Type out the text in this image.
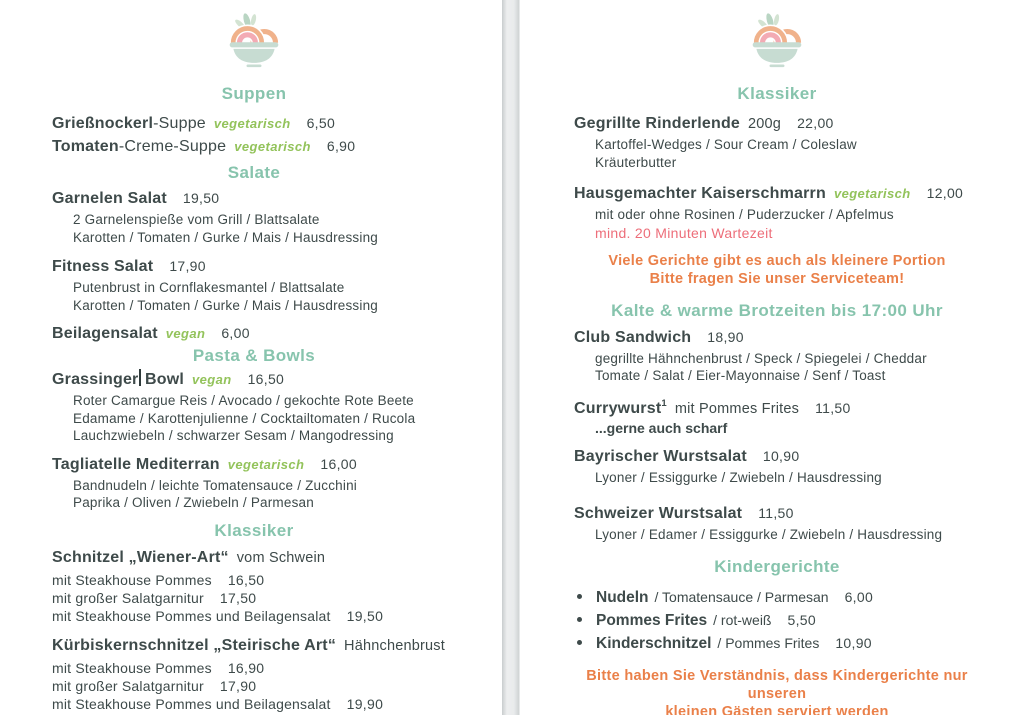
Suppen
Grießnockerl-Suppe vegetarisch 6,50
Tomaten-Creme-Suppe vegetarisch 6,90
Salate
Garnelen Salat 19,50
2 Garnelenspieße vom Grill / Blattsalate
Karotten / Tomaten / Gurke / Mais / Hausdressing
Fitness Salat 17,90
Putenbrust in Cornflakesmantel / Blattsalate
Karotten / Tomaten / Gurke / Mais / Hausdressing
Beilagensalat vegan 6,00
Pasta & Bowls
Grassinger Bowl vegan 16,50
Roter Camargue Reis / Avocado / gekochte Rote Beete
Edamame / Karottenjulienne / Cocktailtomaten / Rucola
Lauchzwiebeln / schwarzer Sesam / Mangodressing
Tagliatelle Mediterran vegetarisch 16,00
Bandnudeln / leichte Tomatensauce / Zucchini
Paprika / Oliven / Zwiebeln / Parmesan
Klassiker
Schnitzel „Wiener-Art“ vom Schwein
mit Steakhouse Pommes 16,50
mit großer Salatgarnitur 17,50
mit Steakhouse Pommes und Beilagensalat 19,50
Kürbiskernschnitzel „Steirische Art“ Hähnchenbrust
mit Steakhouse Pommes 16,90
mit großer Salatgarnitur 17,90
mit Steakhouse Pommes und Beilagensalat 19,90
Klassiker
Gegrillte Rinderlende 200g 22,00
Kartoffel-Wedges / Sour Cream / Coleslaw
Kräuterbutter
Hausgemachter Kaiserschmarrn vegetarisch 12,00
mit oder ohne Rosinen / Puderzucker / Apfelmus
mind. 20 Minuten Wartezeit
Viele Gerichte gibt es auch als kleinere Portion
Bitte fragen Sie unser Serviceteam!
Kalte & warme Brotzeiten bis 17:00 Uhr
Club Sandwich 18,90
gegrillte Hähnchenbrust / Speck / Spiegelei / Cheddar
Tomate / Salat / Eier-Mayonnaise / Senf / Toast
Currywurst$^1$ mit Pommes Frites 11,50
...gerne auch scharf
Bayrischer Wurstsalat 10,90
Lyoner / Essiggurke / Zwiebeln / Hausdressing
Schweizer Wurstsalat 11,50
Lyoner / Edamer / Essiggurke / Zwiebeln / Hausdressing
Kindergerichte
Nudeln / Tomatensauce / Parmesan 6,00
Pommes Frites / rot-weiß 5,50
Kinderschnitzel / Pommes Frites 10,90
Bitte haben Sie Verständnis, dass Kindergerichte nur unseren
kleinen Gästen serviert werden
